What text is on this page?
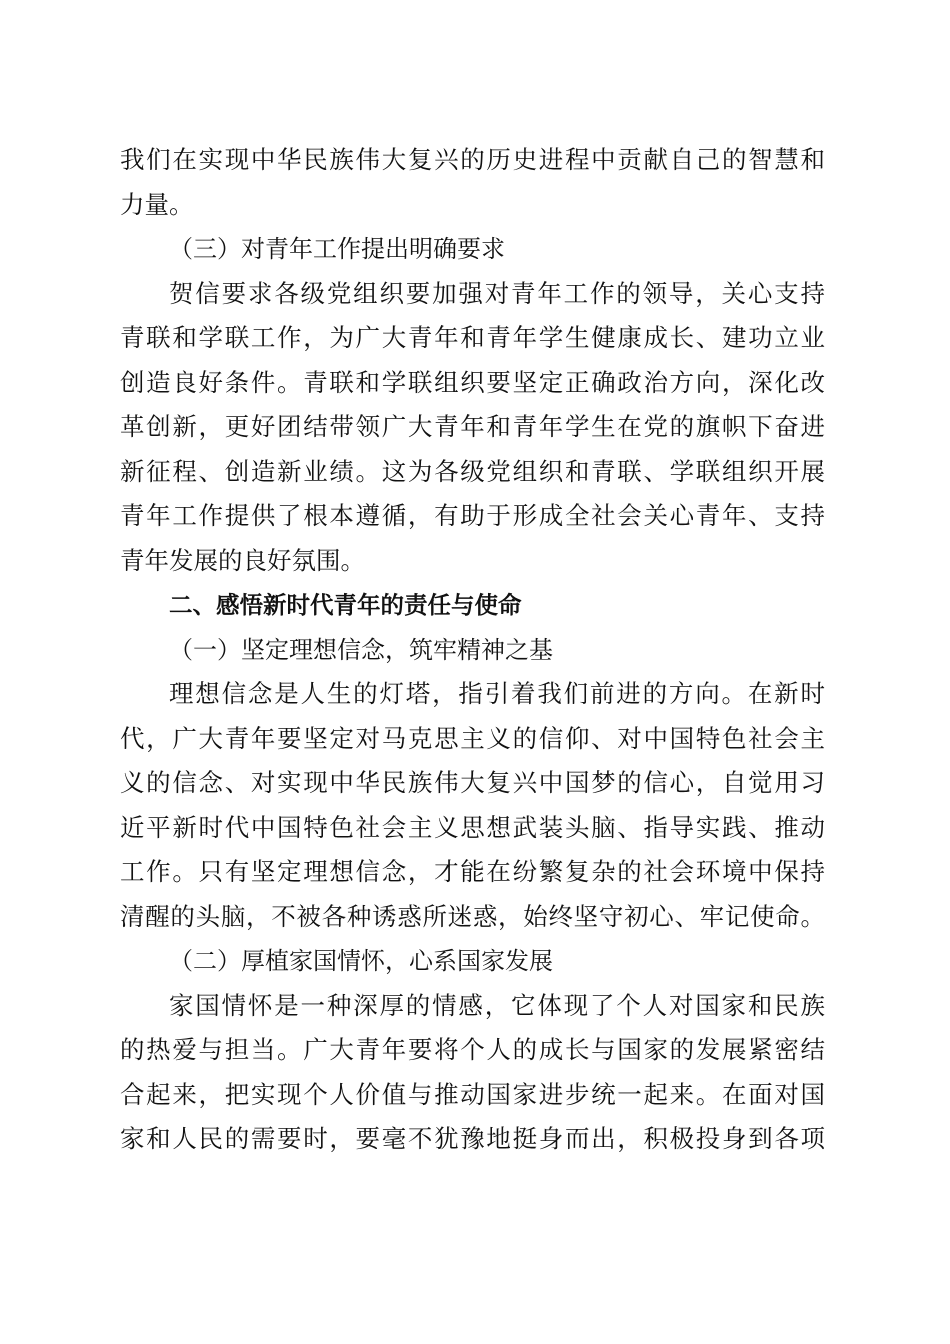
我们在实现中华民族伟大复兴的历史进程中贡献自己的智慧和
力量。
（三）对青年工作提出明确要求
贺信要求各级党组织要加强对青年工作的领导，关心支持
青联和学联工作，为广大青年和青年学生健康成长、建功立业
创造良好条件。青联和学联组织要坚定正确政治方向，深化改
革创新，更好团结带领广大青年和青年学生在党的旗帜下奋进
新征程、创造新业绩。这为各级党组织和青联、学联组织开展
青年工作提供了根本遵循，有助于形成全社会关心青年、支持
青年发展的良好氛围。
二、感悟新时代青年的责任与使命
（一）坚定理想信念，筑牢精神之基
理想信念是人生的灯塔，指引着我们前进的方向。在新时
代，广大青年要坚定对马克思主义的信仰、对中国特色社会主
义的信念、对实现中华民族伟大复兴中国梦的信心，自觉用习
近平新时代中国特色社会主义思想武装头脑、指导实践、推动
工作。只有坚定理想信念，才能在纷繁复杂的社会环境中保持
清醒的头脑，不被各种诱惑所迷惑，始终坚守初心、牢记使命。
（二）厚植家国情怀，心系国家发展
家国情怀是一种深厚的情感，它体现了个人对国家和民族
的热爱与担当。广大青年要将个人的成长与国家的发展紧密结
合起来，把实现个人价值与推动国家进步统一起来。在面对国
家和人民的需要时，要毫不犹豫地挺身而出，积极投身到各项
